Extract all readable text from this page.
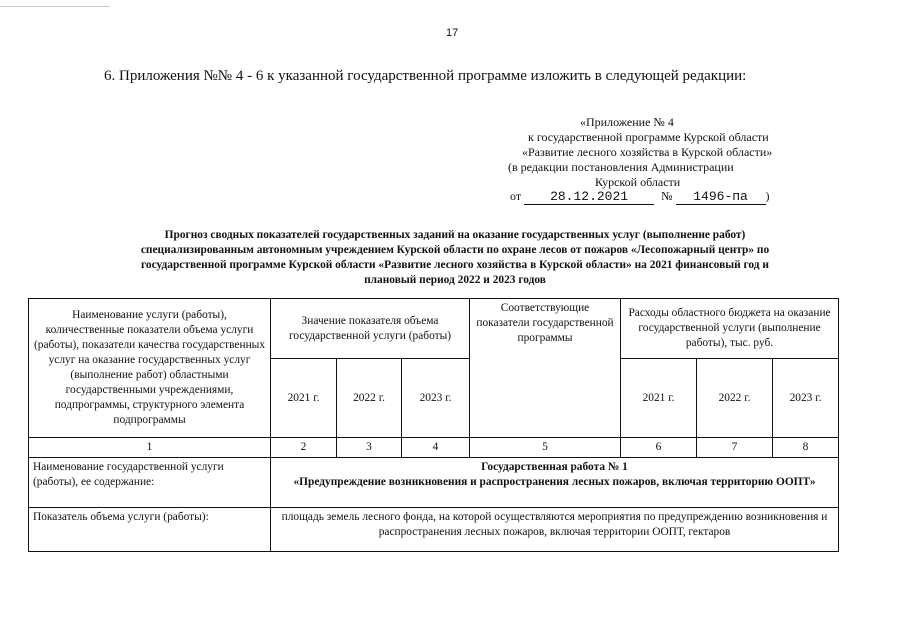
17
6. Приложения №№ 4 - 6 к указанной государственной программе изложить в следующей редакции:
«Приложение № 4
к государственной программе Курской области
«Развитие лесного хозяйства в Курской области»
(в редакции постановления Администрации
Курской области
от 28.12.2021	№ 1496-па )
Прогноз сводных показателей государственных заданий на оказание государственных услуг (выполнение работ)
специализированным автономным учреждением Курской области по охране лесов от пожаров «Лесопожарный центр» по
государственной программе Курской области «Развитие лесного хозяйства в Курской области» на 2021 финансовый год и
плановый период 2022 и 2023 годов
Наименование услуги (работы), количественные показатели объема услуги (работы), показатели качества государственных услуг на оказание государственных услуг (выполнение работ) областными государственными учреждениями, подпрограммы, структурного элемента подпрограммы	Значение показателя объема государственной услуги (работы)			Соответствующие показатели государственной программы	Расходы областного бюджета на оказание государственной услуги (выполнение работы), тыс. руб.		
	2021 г.	2022 г.	2023 г.		2021 г.	2022 г.	2023 г.
1	2	3	4	5	6	7	8
Наименование государственной услуги (работы), ее содержание:	Государственная работа № 1
«Предупреждение возникновения и распространения лесных пожаров, включая территорию ООПТ»						

Показатель объема услуги (работы):	площадь земель лесного фонда, на которой осуществляются мероприятия по предупреждению возникновения и распространения лесных пожаров, включая территории ООПТ, гектаров						
